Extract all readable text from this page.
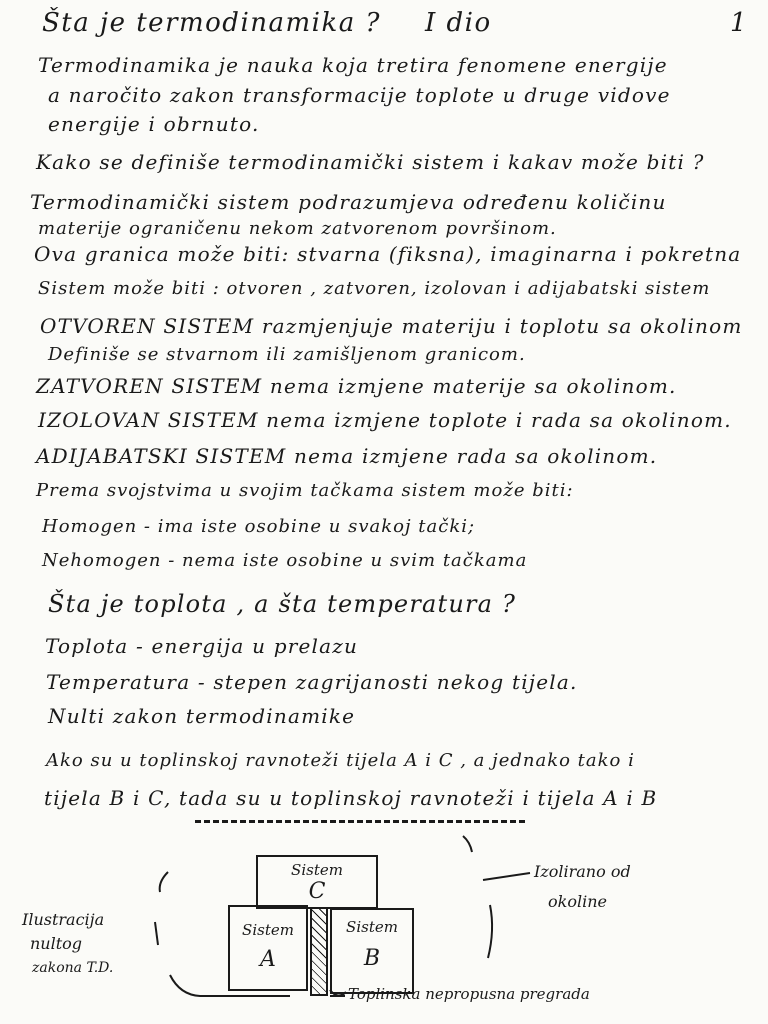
Šta je termodinamika ? I dio	1
Termodinamika je nauka koja tretira fenomene energije
a naročito zakon transformacije toplote u druge vidove
energije i obrnuto.
Kako se definiše termodinamički sistem i kakav može biti ?
Termodinamički sistem podrazumjeva određenu količinu
materije ograničenu nekom zatvorenom površinom.
Ova granica može biti: stvarna (fiksna), imaginarna i pokretna
Sistem može biti : otvoren , zatvoren, izolovan i adijabatski sistem
OTVOREN SISTEM razmjenjuje materiju i toplotu sa okolinom
Definiše se stvarnom ili zamišljenom granicom.
ZATVOREN SISTEM nema izmjene materije sa okolinom.
IZOLOVAN SISTEM nema izmjene toplote i rada sa okolinom.
ADIJABATSKI SISTEM nema izmjene rada sa okolinom.
Prema svojstvima u svojim tačkama sistem može biti:
Homogen - ima iste osobine u svakoj tački;
Nehomogen - nema iste osobine u svim tačkama
Šta je toplota , a šta temperatura ?
Toplota - energija u prelazu
Temperatura - stepen zagrijanosti nekog tijela.
Nulti zakon termodinamike
Ako su u toplinskoj ravnoteži tijela A i C , a jednako tako i
tijela B i C, tada su u toplinskoj ravnoteži i tijela A i B
Sistem
C
Sistem
A
Sistem
B
Izolirano od
okoline
Ilustracija
nultog
zakona T.D.
Toplinska nepropusna pregrada
